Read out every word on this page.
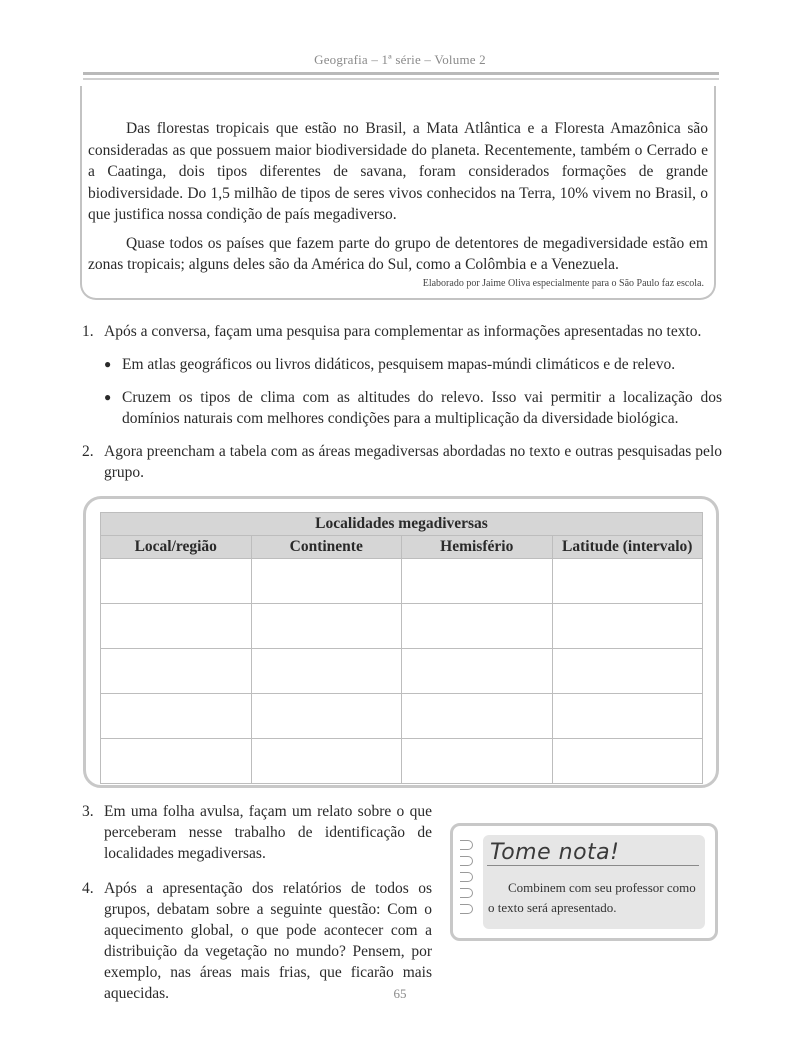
Geografia – 1ª série – Volume 2

Das florestas tropicais que estão no Brasil, a Mata Atlântica e a Floresta Amazônica são consideradas as que possuem maior biodiversidade do planeta. Recentemente, também o Cerrado e a Caatinga, dois tipos diferentes de savana, foram considerados formações de grande biodiversidade. Do 1,5 milhão de tipos de seres vivos conhecidos na Terra, 10% vivem no Brasil, o que justifica nossa condição de país megadiverso.

Quase todos os países que fazem parte do grupo de detentores de megadiversidade estão em zonas tropicais; alguns deles são da América do Sul, como a Colômbia e a Venezuela.

Elaborado por Jaime Oliva especialmente para o São Paulo faz escola.
1. Após a conversa, façam uma pesquisa para complementar as informações apresentadas no texto.
● Em atlas geográficos ou livros didáticos, pesquisem mapas-múndi climáticos e de relevo.
● Cruzem os tipos de clima com as altitudes do relevo. Isso vai permitir a localização dos domínios naturais com melhores condições para a multiplicação da diversidade biológica.
2. Agora preencham a tabela com as áreas megadiversas abordadas no texto e outras pesquisadas pelo grupo.
Localidades megadiversas			
Local/região	Continente	Hemisfério	Latitude (intervalo)

3. Em uma folha avulsa, façam um relato sobre o que perceberam nesse trabalho de identificação de localidades megadiversas.
4. Após a apresentação dos relatórios de todos os grupos, debatam sobre a seguinte questão: Com o aquecimento global, o que pode acontecer com a distribuição da vegetação no mundo? Pensem, por exemplo, nas áreas mais frias, que ficarão mais aquecidas.
Tome nota!
Combinem com seu professor como o texto será apresentado.
65
